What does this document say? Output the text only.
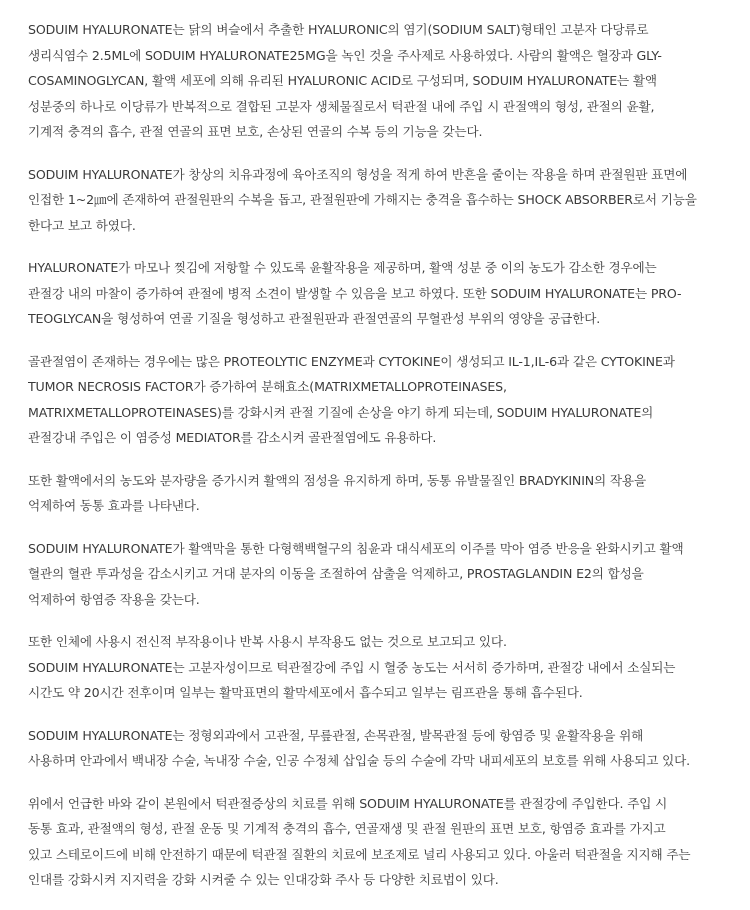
SODUIM HYALURONATE는 닭의 벼슬에서 추출한 HYALURONIC의 염기(SODIUM SALT)형태인 고분자 다당류로
생리식염수 2.5ML에 SODUIM HYALURONATE25MG을 녹인 것을 주사제로 사용하였다. 사람의 활액은 혈장과 GLY-
COSAMINOGLYCAN, 활액 세포에 의해 유리된 HYALURONIC ACID로 구성되며, SODUIM HYALURONATE는 활액
성분중의 하나로 이당류가 반복적으로 결합된 고분자 생체물질로서 턱관절 내에 주입 시 관절액의 형성, 관절의 윤활,
기계적 충격의 흡수, 관절 연골의 표면 보호, 손상된 연골의 수복 등의 기능을 갖는다.
SODUIM HYALURONATE가 창상의 치유과정에 육아조직의 형성을 적게 하여 반흔을 줄이는 작용을 하며 관절원판 표면에
인접한 1~2㎛에 존재하여 관절원판의 수복을 돕고, 관절원판에 가해지는 충격을 흡수하는 SHOCK ABSORBER로서 기능을
한다고 보고 하였다.
HYALURONATE가 마모나 찢김에 저항할 수 있도록 윤활작용을 제공하며, 활액 성분 중 이의 농도가 감소한 경우에는
관절강 내의 마찰이 증가하여 관절에 병적 소견이 발생할 수 있음을 보고 하였다. 또한 SODUIM HYALURONATE는 PRO-
TEOGLYCAN을 형성하여 연골 기질을 형성하고 관절원판과 관절연골의 무혈관성 부위의 영양을 공급한다.
골관절염이 존재하는 경우에는 많은 PROTEOLYTIC ENZYME과 CYTOKINE이 생성되고 IL-1,IL-6과 같은 CYTOKINE과
TUMOR NECROSIS FACTOR가 증가하여 분해효소(MATRIXMETALLOPROTEINASES,
MATRIXMETALLOPROTEINASES)를 강화시켜 관절 기질에 손상을 야기 하게 되는데, SODUIM HYALURONATE의
관절강내 주입은 이 염증성 MEDIATOR를 감소시켜 골관절염에도 유용하다.
또한 활액에서의 농도와 분자량을 증가시켜 활액의 점성을 유지하게 하며, 동통 유발물질인 BRADYKININ의 작용을
억제하여 동통 효과를 나타낸다.
SODUIM HYALURONATE가 활액막을 통한 다형핵백혈구의 침윤과 대식세포의 이주를 막아 염증 반응을 완화시키고 활액
혈관의 혈관 투과성을 감소시키고 거대 분자의 이동을 조절하여 삼출을 억제하고, PROSTAGLANDIN E2의 합성을
억제하여 항염증 작용을 갖는다.
또한 인체에 사용시 전신적 부작용이나 반복 사용시 부작용도 없는 것으로 보고되고 있다.
SODUIM HYALURONATE는 고분자성이므로 턱관절강에 주입 시 혈중 농도는 서서히 증가하며, 관절강 내에서 소실되는
시간도 약 20시간 전후이며 일부는 활막표면의 활막세포에서 흡수되고 일부는 림프관을 통해 흡수된다.
SODUIM HYALURONATE는 정형외과에서 고관절, 무릎관절, 손목관절, 발목관절 등에 항염증 및 윤활작용을 위해
사용하며 안과에서 백내장 수술, 녹내장 수술, 인공 수정체 삽입술 등의 수술에 각막 내피세포의 보호를 위해 사용되고 있다.
위에서 언급한 바와 같이 본원에서 턱관절증상의 치료를 위해 SODUIM HYALURONATE를 관절강에 주입한다. 주입 시
동통 효과, 관절액의 형성, 관절 운동 및 기계적 충격의 흡수, 연골재생 및 관절 원판의 표면 보호, 항염증 효과를 가지고
있고 스테로이드에 비해 안전하기 때문에 턱관절 질환의 치료에 보조제로 널리 사용되고 있다. 아울러 턱관절을 지지해 주는
인대를 강화시켜 지지력을 강화 시켜줄 수 있는 인대강화 주사 등 다양한 치료법이 있다.
